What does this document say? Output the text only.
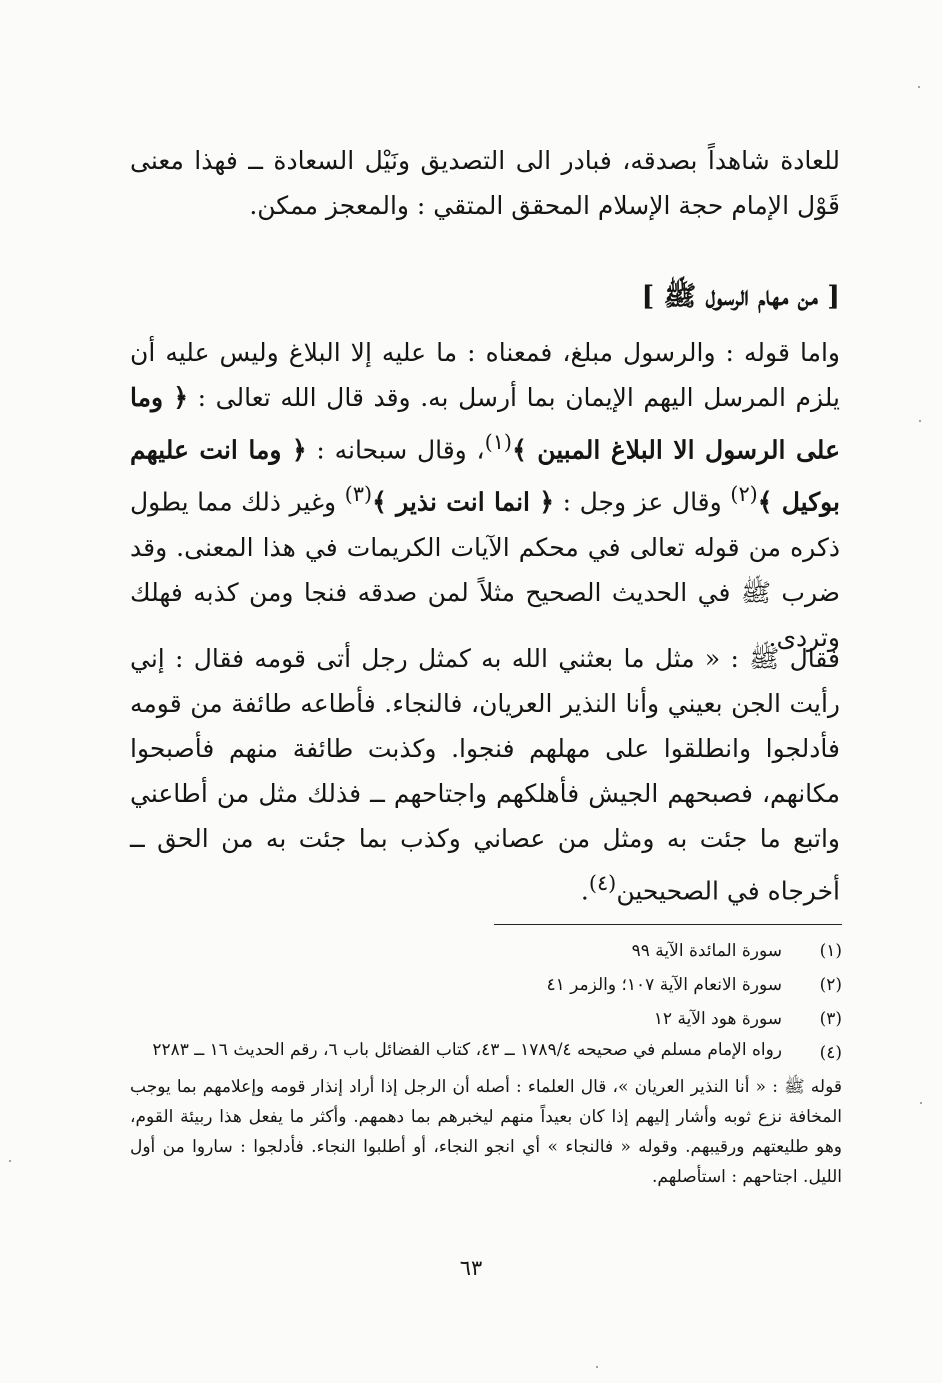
للعادة شاهداً بصدقه، فبادر الى التصديق ونَيْل السعادة ــ فهذا معنى قَوْل الإمام حجة الإسلام المحقق المتقي : والمعجز ممكن.

[ من مهام الرسول ﷺ ]

واما قوله : والرسول مبلغ، فمعناه : ما عليه إلا البلاغ وليس عليه أن يلزم المرسل اليهم الإيمان بما أرسل به. وقد قال الله تعالى : ﴿ وما على الرسول الا البلاغ المبين ﴾$^{(١)}$، وقال سبحانه : ﴿ وما انت عليهم بوكيل ﴾$^{(٢)}$ وقال عز وجل : ﴿ انما انت نذير ﴾$^{(٣)}$ وغير ذلك مما يطول ذكره من قوله تعالى في محكم الآيات الكريمات في هذا المعنى. وقد ضرب ﷺ في الحديث الصحيح مثلاً لمن صدقه فنجا ومن كذبه فهلك وتردى.

فقال ﷺ : « مثل ما بعثني الله به كمثل رجل أتى قومه فقال : إني رأيت الجن بعيني وأنا النذير العريان، فالنجاء. فأطاعه طائفة من قومه فأدلجوا وانطلقوا على مهلهم فنجوا. وكذبت طائفة منهم فأصبحوا مكانهم، فصبحهم الجيش فأهلكهم واجتاحهم ــ فذلك مثل من أطاعني واتبع ما جئت به ومثل من عصاني وكذب بما جئت به من الحق ــ أخرجاه في الصحيحين$^{(٤)}$.

(١)
سورة المائدة الآية ٩٩
(٢)
سورة الانعام الآية ١٠٧؛ والزمر ٤١
(٣)
سورة هود الآية ١٢
(٤)
رواه الإمام مسلم في صحيحه ١٧٨٩/٤ ــ ٤٣، كتاب الفضائل باب ٦، رقم الحديث ١٦ ــ ٢٢٨٣
قوله ﷺ : « أنا النذير العريان »، قال العلماء : أصله أن الرجل إذا أراد إنذار قومه وإعلامهم بما يوجب المخافة نزع ثوبه وأشار إليهم إذا كان بعيداً منهم ليخبرهم بما دهمهم. وأكثر ما يفعل هذا ربيئة القوم، وهو طليعتهم ورقيبهم. وقوله « فالنجاء » أي انجو النجاء، أو أطلبوا النجاء. فأدلجوا : ساروا من أول الليل. اجتاحهم : استأصلهم.
٦٣
